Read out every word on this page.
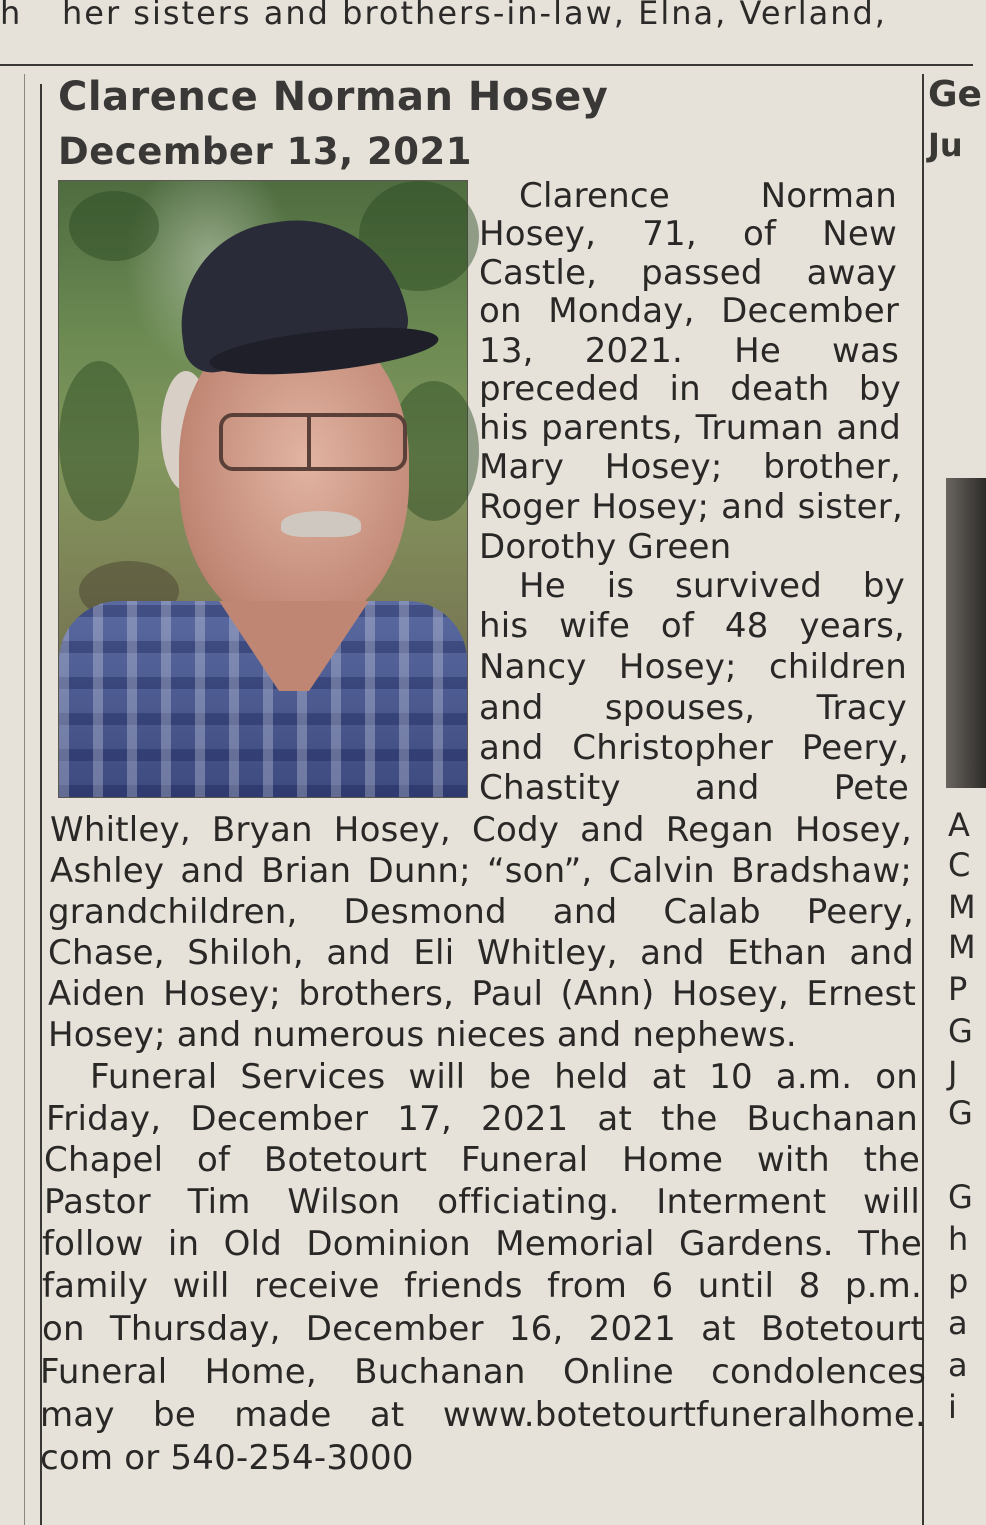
h her sisters and brothers-in-law, Elna, Verland,
Ge
Ju
A
C
M
M
P
G
J
G
G
h
p
a
a
i
Clarence Norman Hosey
December 13, 2021
Clarence Norman
Hosey, 71, of New
Castle, passed away
on Monday, December
13, 2021. He was
preceded in death by
his parents, Truman and
Mary Hosey; brother,
Roger Hosey; and sister,
Dorothy Green
He is survived by
his wife of 48 years,
Nancy Hosey; children
and spouses, Tracy
and Christopher Peery,
Chastity and Pete
Whitley, Bryan Hosey, Cody and Regan Hosey,
Ashley and Brian Dunn; “son”, Calvin Bradshaw;
grandchildren, Desmond and Calab Peery,
Chase, Shiloh, and Eli Whitley, and Ethan and
Aiden Hosey; brothers, Paul (Ann) Hosey, Ernest
Hosey; and numerous nieces and nephews.
Funeral Services will be held at 10 a.m. on
Friday, December 17, 2021 at the Buchanan
Chapel of Botetourt Funeral Home with the
Pastor Tim Wilson officiating. Interment will
follow in Old Dominion Memorial Gardens. The
family will receive friends from 6 until 8 p.m.
on Thursday, December 16, 2021 at Botetourt
Funeral Home, Buchanan Online condolences
may be made at www.botetourtfuneralhome.
com or 540-254-3000
